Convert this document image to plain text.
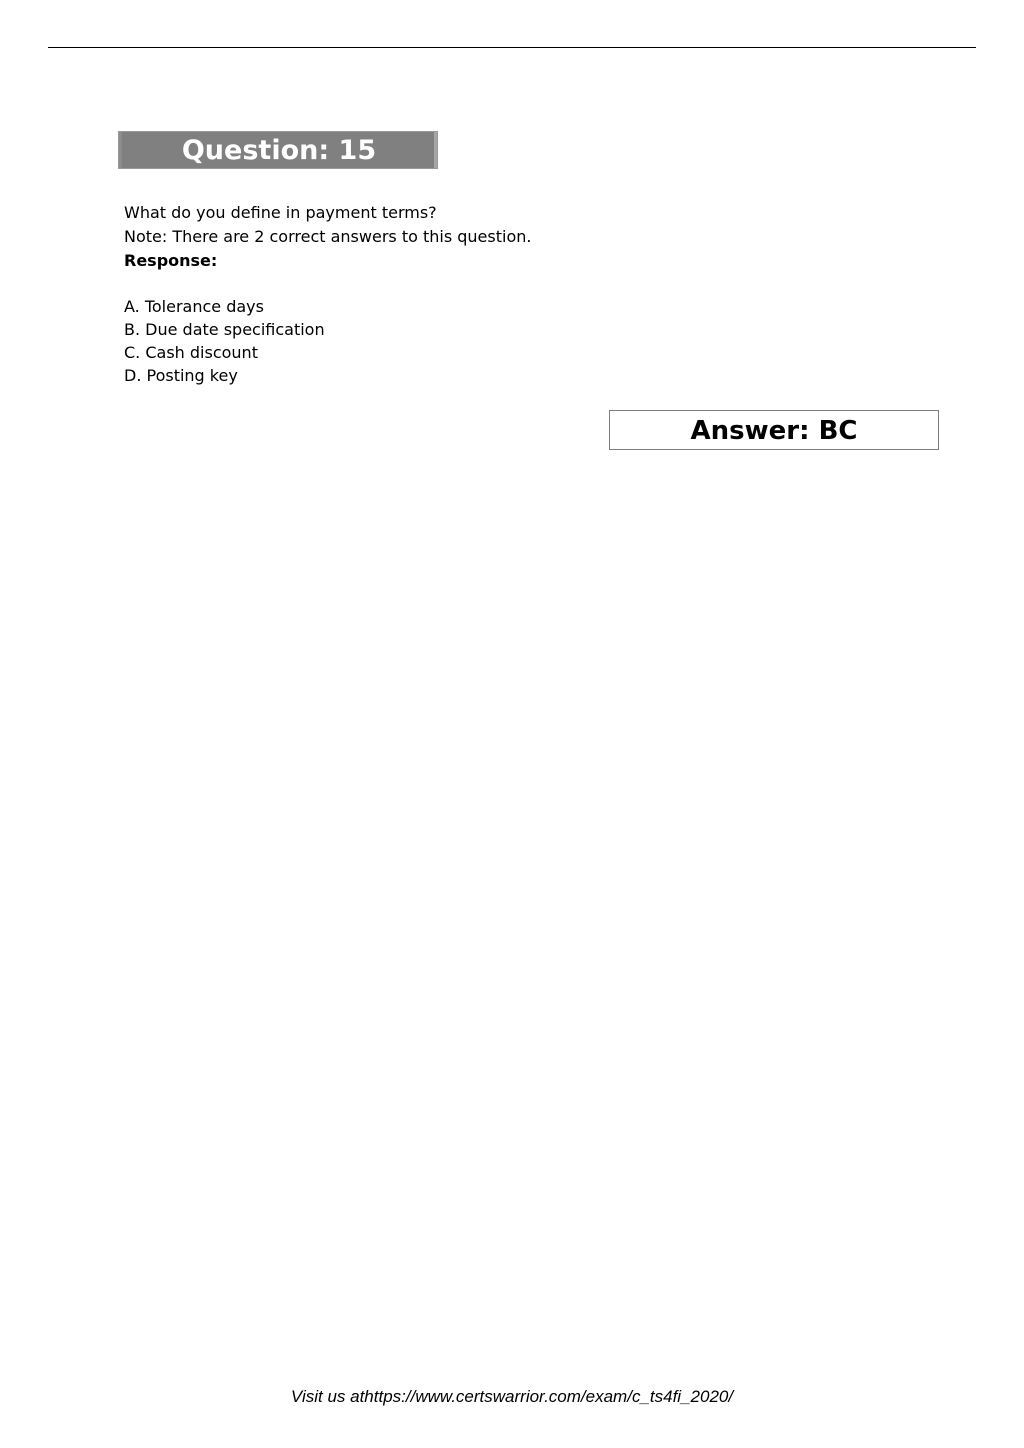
Question: 15
What do you define in payment terms?
Note: There are 2 correct answers to this question.
Response:
A. Tolerance days
B. Due date specification
C. Cash discount
D. Posting key
Answer: BC
Visit us athttps://www.certswarrior.com/exam/c_ts4fi_2020/
